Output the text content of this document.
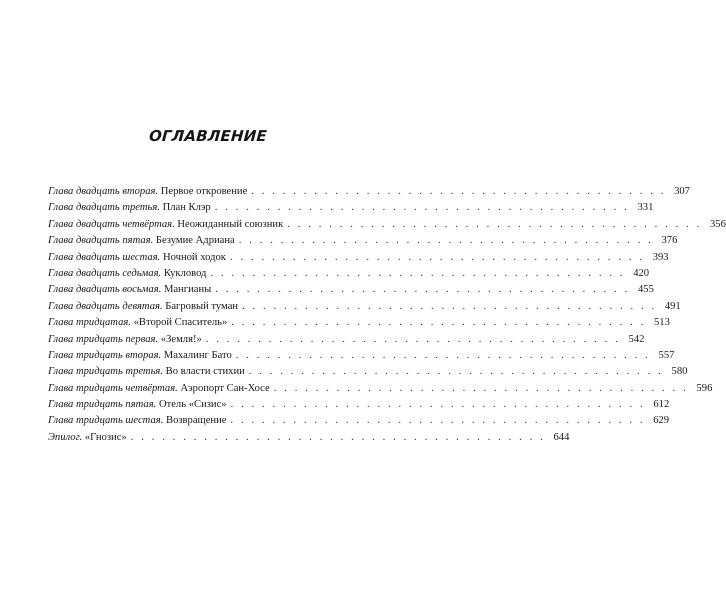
ОГЛАВЛЕНИЕ
Глава двадцать вторая.
Первое откровение . . . . . . . . . . . . . . . . . . . . . . . . . . . . . . . . . . . . . . . . 307
Глава двадцать третья.
План Клэр . . . . . . . . . . . . . . . . . . . . . . . . . . . . . . . . . . . . . . . . 331
Глава двадцать четвёртая.
Неожиданный союзник . . . . . . . . . . . . . . . . . . . . . . . . . . . . . . . . . . . . . . . . 356
Глава двадцать пятая.
Безумие Адриана . . . . . . . . . . . . . . . . . . . . . . . . . . . . . . . . . . . . . . . . 376
Глава двадцать шестая.
Ночной ходок . . . . . . . . . . . . . . . . . . . . . . . . . . . . . . . . . . . . . . . . 393
Глава двадцать седьмая.
Кукловод . . . . . . . . . . . . . . . . . . . . . . . . . . . . . . . . . . . . . . . . 420
Глава двадцать восьмая.
Мангианы . . . . . . . . . . . . . . . . . . . . . . . . . . . . . . . . . . . . . . . . 455
Глава двадцать девятая.
Багровый туман . . . . . . . . . . . . . . . . . . . . . . . . . . . . . . . . . . . . . . . . 491
Глава тридцатая.
«Второй Спаситель» . . . . . . . . . . . . . . . . . . . . . . . . . . . . . . . . . . . . . . . . 513
Глава тридцать первая.
«Земля!» . . . . . . . . . . . . . . . . . . . . . . . . . . . . . . . . . . . . . . . . 542
Глава тридцать вторая.
Махалинг Бато . . . . . . . . . . . . . . . . . . . . . . . . . . . . . . . . . . . . . . . . 557
Глава тридцать третья.
Во власти стихии . . . . . . . . . . . . . . . . . . . . . . . . . . . . . . . . . . . . . . . . 580
Глава тридцать четвёртая.
Аэропорт Сан-Хосе . . . . . . . . . . . . . . . . . . . . . . . . . . . . . . . . . . . . . . . . 596
Глава тридцать пятая.
Отель «Сизис» . . . . . . . . . . . . . . . . . . . . . . . . . . . . . . . . . . . . . . . . 612
Глава тридцать шестая.
Возвращение . . . . . . . . . . . . . . . . . . . . . . . . . . . . . . . . . . . . . . . . 629
Эпилог.
«Гнозис» . . . . . . . . . . . . . . . . . . . . . . . . . . . . . . . . . . . . . . . . 644
